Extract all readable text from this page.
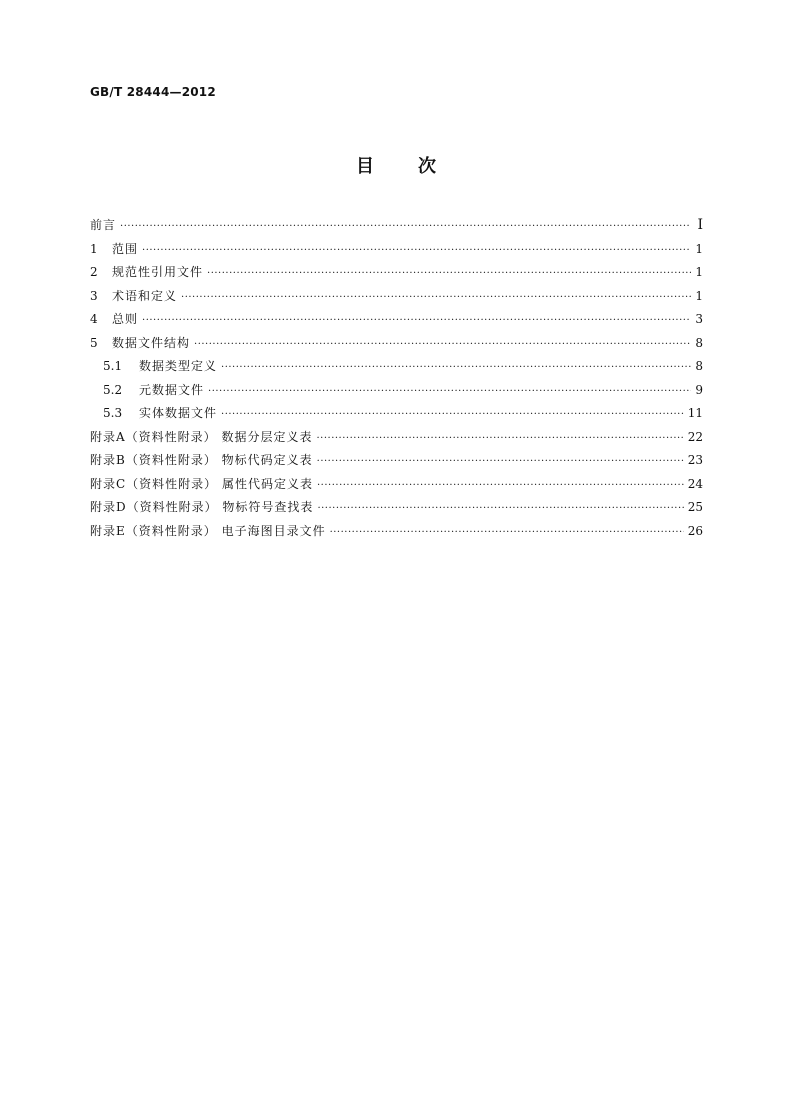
GB/T 28444—2012
目 次
前言 ·····	I
1	范围 ·····	1
2	规范性引用文件 ·····	1
3	术语和定义 ·····	1
4	总则 ·····	3
5	数据文件结构 ·····	8
5.1	数据类型定义 ·····	8
5.2	元数据文件 ·····	9
5.3	实体数据文件 ·····	11
附录A（资料性附录） 数据分层定义表 ·····	22
附录B（资料性附录） 物标代码定义表 ·····	23
附录C（资料性附录） 属性代码定义表 ·····	24
附录D（资料性附录） 物标符号查找表 ·····	25
附录E（资料性附录） 电子海图目录文件 ·····	26
